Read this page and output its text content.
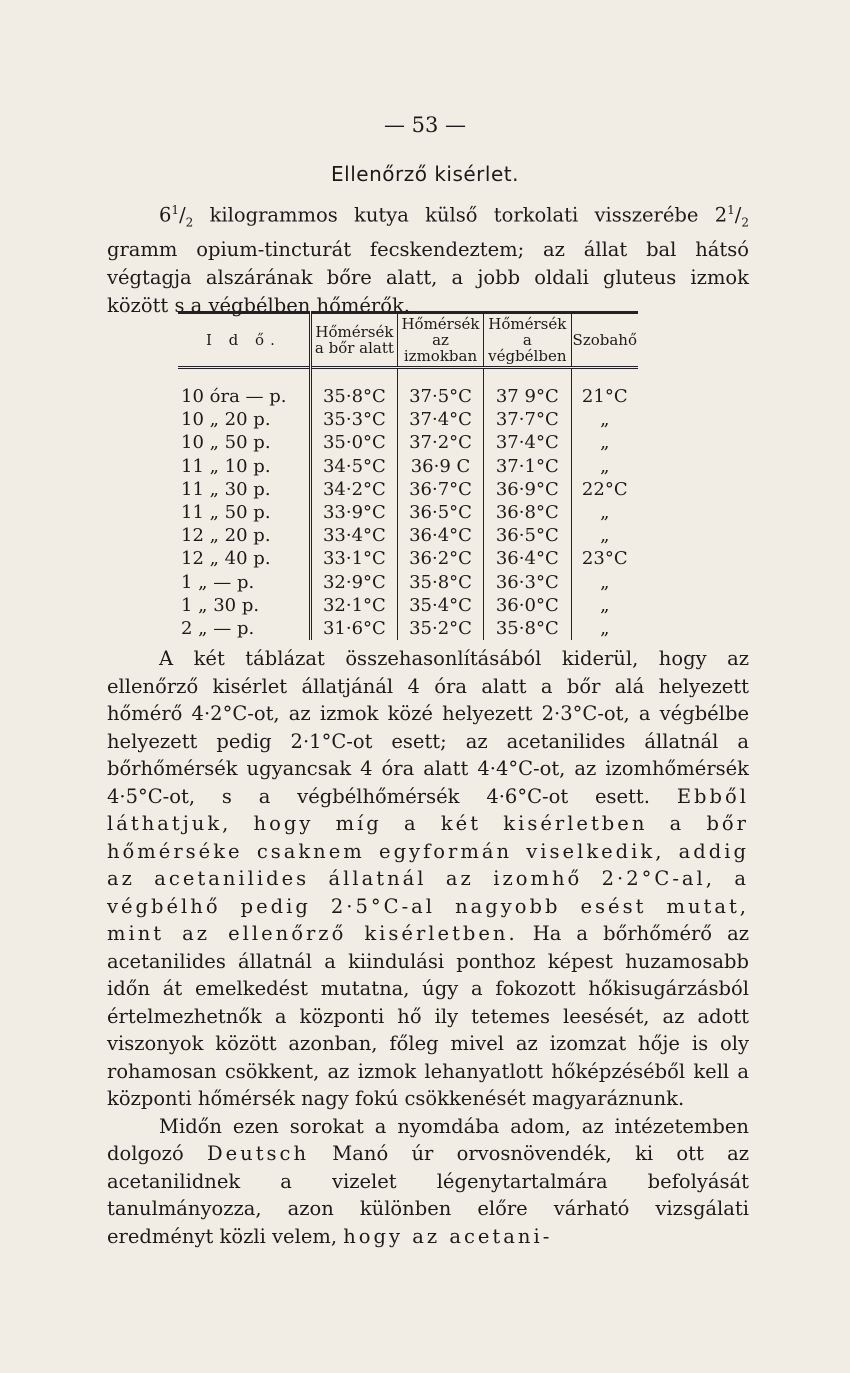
— 53 —
Ellenőrző kisérlet.

$6^1/_2$ kilogrammos kutya külső torkolati visszerébe $2^1/_2$ gramm opium-tincturát fecskendeztem; az állat bal hátsó végtagja alszárának bőre alatt, a jobb oldali gluteus izmok között s a végbélben hőmérők.

I d ő.	Hőmérsék a bőr alatt	Hőmérsék az izmokban	Hőmérsék a végbélben	Szobahő
10 óra — p.	35·8°C	37·5°C	37 9°C	21°C
10 „ 20 p.	35·3°C	37·4°C	37·7°C	„
10 „ 50 p.	35·0°C	37·2°C	37·4°C	„
11 „ 10 p.	34·5°C	36·9 C	37·1°C	„
11 „ 30 p.	34·2°C	36·7°C	36·9°C	22°C
11 „ 50 p.	33·9°C	36·5°C	36·8°C	„
12 „ 20 p.	33·4°C	36·4°C	36·5°C	„
12 „ 40 p.	33·1°C	36·2°C	36·4°C	23°C
1 „ — p.	32·9°C	35·8°C	36·3°C	„
1 „ 30 p.	32·1°C	35·4°C	36·0°C	„
2 „ — p.	31·6°C	35·2°C	35·8°C	„

A két táblázat összehasonlításából kiderül, hogy az ellenőrző kisérlet állatjánál 4 óra alatt a bőr alá helyezett hőmérő 4·2°C-ot, az izmok közé helyezett 2·3°C-ot, a végbélbe helyezett pedig 2·1°C-ot esett; az acetanilides állatnál a bőrhőmérsék ugyancsak 4 óra alatt 4·4°C-ot, az izomhőmérsék 4·5°C-ot, s a végbélhőmérsék 4·6°C-ot esett. Ebből láthatjuk, hogy míg a két kisérletben a bőr hőmérséke csaknem egyformán viselkedik, addig az acetanilides állatnál az izomhő 2·2°C-al, a végbélhő pedig 2·5°C-al nagyobb esést mutat, mint az ellenőrző kisérletben. Ha a bőrhőmérő az acetanilides állatnál a kiindulási ponthoz képest huzamosabb időn át emelkedést mutatna, úgy a fokozott hőkisugárzásból értelmezhetnők a központi hő ily tetemes leesését, az adott viszonyok között azonban, főleg mivel az izomzat hője is oly rohamosan csökkent, az izmok lehanyatlott hőképzéséből kell a központi hőmérsék nagy fokú csökkenését magyaráznunk.

Midőn ezen sorokat a nyomdába adom, az intézetemben dolgozó Deutsch Manó úr orvosnövendék, ki ott az acetanilidnek a vizelet légenytartalmára befolyását tanulmányozza, azon különben előre várható vizsgálati eredményt közli velem, hogy az acetani-
